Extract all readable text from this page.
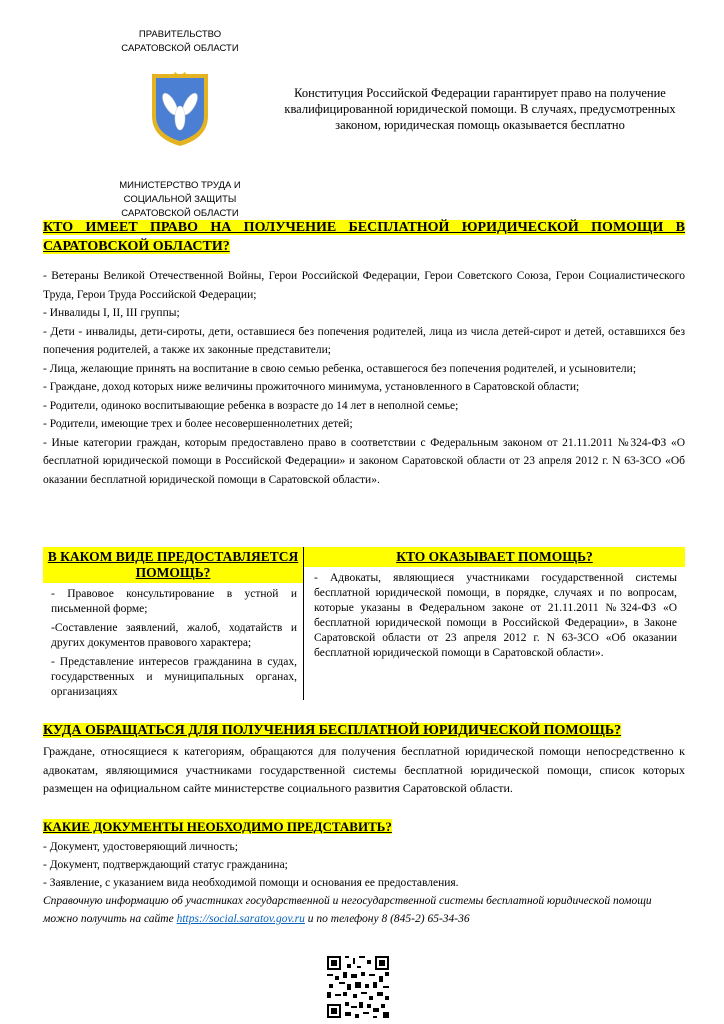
ПРАВИТЕЛЬСТВО
САРАТОВСКОЙ ОБЛАСТИ
МИНИСТЕРСТВО ТРУДА И
СОЦИАЛЬНОЙ ЗАЩИТЫ
САРАТОВСКОЙ ОБЛАСТИ
Конституция Российской Федерации гарантирует право на получение квалифицированной юридической помощи. В случаях, предусмотренных законом, юридическая помощь оказывается бесплатно
КТО ИМЕЕТ ПРАВО НА ПОЛУЧЕНИЕ БЕСПЛАТНОЙ ЮРИДИЧЕСКОЙ ПОМОЩИ В САРАТОВСКОЙ ОБЛАСТИ?
- Ветераны Великой Отечественной Войны, Герои Российской Федерации, Герои Советского Союза, Герои Социалистического Труда, Герои Труда Российской Федерации;
- Инвалиды I, II, III группы;
- Дети - инвалиды, дети-сироты, дети, оставшиеся без попечения родителей, лица из числа детей-сирот и детей, оставшихся без попечения родителей, а также их законные представители;
- Лица, желающие принять на воспитание в свою семью ребенка, оставшегося без попечения родителей, и усыновители;
- Граждане, доход которых ниже величины прожиточного минимума, установленного в Саратовской области;
- Родители, одиноко воспитывающие ребенка в возрасте до 14 лет в неполной семье;
- Родители, имеющие трех и более несовершеннолетних детей;
- Иные категории граждан, которым предоставлено право в соответствии с Федеральным законом от 21.11.2011 №324-ФЗ «О бесплатной юридической помощи в Российской Федерации» и законом Саратовской области от 23 апреля 2012 г. N 63-ЗСО «Об оказании бесплатной юридической помощи в Саратовской области».
В КАКОМ ВИДЕ ПРЕДОСТАВЛЯЕТСЯ ПОМОЩЬ?
- Правовое консультирование в устной и письменной форме;
-Составление заявлений, жалоб, ходатайств и других документов правового характера;
- Представление интересов гражданина в судах, государственных и муниципальных органах, организациях

КТО ОКАЗЫВАЕТ ПОМОЩЬ?
- Адвокаты, являющиеся участниками государственной системы бесплатной юридической помощи, в порядке, случаях и по вопросам, которые указаны в Федеральном законе от 21.11.2011 №324-ФЗ «О бесплатной юридической помощи в Российской Федерации», в Законе Саратовской области от 23 апреля 2012 г. N 63-ЗСО «Об оказании бесплатной юридической помощи в Саратовской области».
КУДА ОБРАЩАТЬСЯ ДЛЯ ПОЛУЧЕНИЯ БЕСПЛАТНОЙ ЮРИДИЧЕСКОЙ ПОМОЩЬ?
Граждане, относящиеся к категориям, обращаются для получения бесплатной юридической помощи непосредственно к адвокатам, являющимися участниками государственной системы бесплатной юридической помощи, список которых размещен на официальном сайте министерстве социального развития Саратовской области.
КАКИЕ ДОКУМЕНТЫ НЕОБХОДИМО ПРЕДСТАВИТЬ?
- Документ, удостоверяющий личность;
- Документ, подтверждающий статус гражданина;
- Заявление, с указанием вида необходимой помощи и основания ее предоставления.
Справочную информацию об участниках государственной и негосударственной системы бесплатной юридической помощи можно получить на сайте https://social.saratov.gov.ru и по телефону 8 (845-2) 65-34-36
